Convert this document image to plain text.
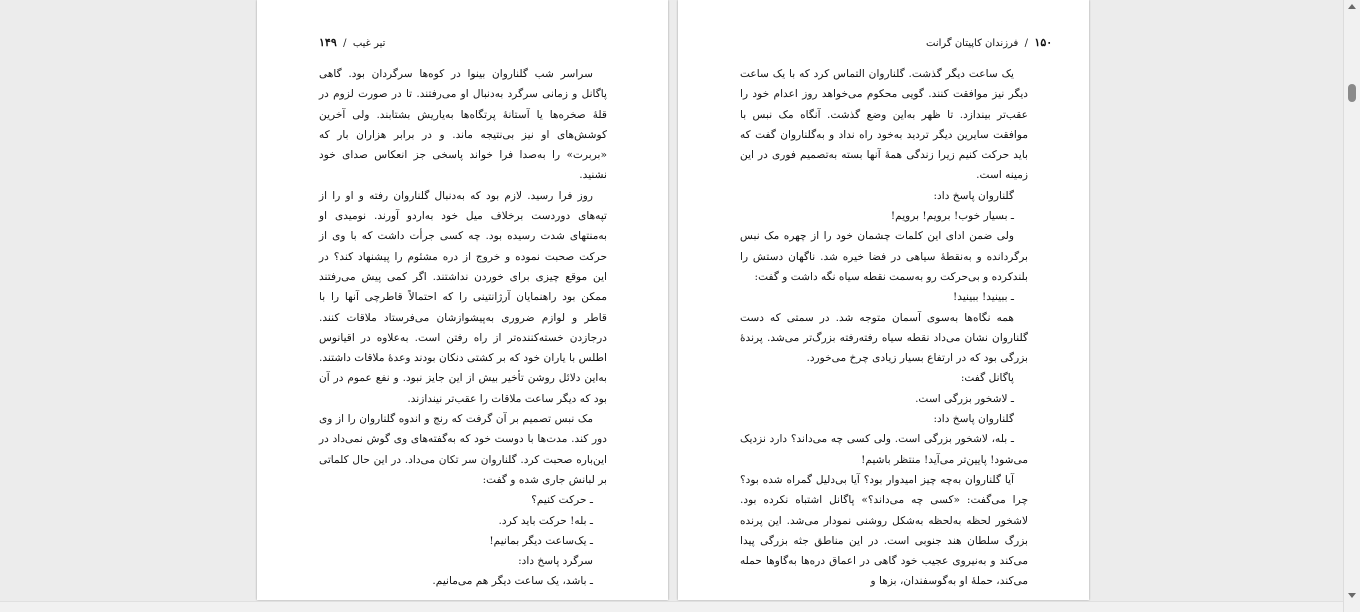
تیر غیب  /  ۱۴۹

سراسر شب گلناروان بینوا در کوه‌ها سرگردان بود. گاهی پاگانل و زمانی سرگرد به‌دنبال او می‌رفتند. تا در صورت لزوم در قلهٔ صخره‌ها یا آستانهٔ پرتگاه‌ها به‌یاریش بشتابند. ولی آخرین کوشش‌های او نیز بی‌نتیجه ماند. و در برابر هزاران بار که «بربرت» را به‌صدا فرا خواند پاسخی جز انعکاس صدای خود نشنید.

روز فرا رسید. لازم بود که به‌دنبال گلناروان رفته و او را از تپه‌های دوردست برخلاف میل خود به‌اردو آورند. نومیدی او به‌منتهای شدت رسیده بود. چه کسی جرأت داشت که با وی از حرکت صحبت نموده و خروج از دره مشئوم را پیشنهاد کند؟ در این موقع چیزی برای خوردن نداشتند. اگر کمی پیش می‌رفتند ممکن بود راهنمایان آرژانتینی را که احتمالاً قاطرچی آنها را با قاطر و لوازم ضروری به‌پیشوازشان می‌فرستاد ملاقات کنند. درجا‌زدن خسته‌کننده‌تر از راه رفتن است. به‌علاوه در اقیانوس اطلس با یاران خود که بر کشتی دنکان بودند وعدهٔ ملاقات داشتند. به‌این دلائل روشن تأخیر بیش از این جایز نبود. و نفع عموم در آن بود که دیگر ساعت ملاقات را عقب‌تر نیندازند.

مک نبس تصمیم بر آن گرفت که رنج و اندوه گلناروان را از وی دور کند. مدت‌ها با دوست خود که به‌گفته‌های وی گوش نمی‌داد در این‌باره صحبت کرد. گلناروان سر تکان می‌داد. در این حال کلماتی بر لبانش جاری شده و گفت:

ـ حرکت کنیم؟

ـ بله! حرکت باید کرد.

ـ یک‌ساعت دیگر بمانیم!

سرگرد پاسخ داد:

ـ باشد، یک ساعت دیگر هم می‌مانیم.

۱۵۰  /  فرزندان کاپیتان گرانت

یک ساعت دیگر گذشت. گلناروان التماس کرد که با یک ساعت دیگر نیز موافقت کنند. گویی محکوم می‌خواهد روز اعدام خود را عقب‌تر بیندازد. تا ظهر به‌این وضع گذشت. آنگاه مک نبس با موافقت سایرین دیگر تردید به‌خود راه نداد و به‌گلناروان گفت که باید حرکت کنیم زیرا زندگی همهٔ آنها بسته به‌تصمیم فوری در این زمینه است.

گلناروان پاسخ داد:

ـ بسیار خوب! برویم! برویم!

ولی ضمن ادای این کلمات چشمان خود را از چهره مک نبس برگردانده و به‌نقطهٔ سیاهی در فضا خیره شد. ناگهان دستش را بلندکرده و بی‌حرکت رو به‌سمت نقطه سیاه نگه داشت و گفت:

ـ ببینید! ببینید!

همه نگاه‌ها به‌سوی آسمان متوجه شد. در سمتی که دست گلناروان نشان می‌داد نقطه سیاه رفته‌رفته بزرگ‌تر می‌شد. پرندهٔ بزرگی بود که در ارتفاع بسیار زیادی چرخ می‌خورد.

پاگانل گفت:

ـ لاشخور بزرگی است.

گلناروان پاسخ داد:

ـ بله، لاشخور بزرگی است. ولی کسی چه می‌داند؟ دارد نزدیک می‌شود! پایین‌تر می‌آید! منتظر باشیم!

آیا گلناروان به‌چه چیز امیدوار بود؟ آیا بی‌دلیل گمراه شده بود؟ چرا می‌گفت: «کسی چه می‌داند؟» پاگانل اشتباه نکرده بود. لاشخور لحظه به‌لحظه به‌شکل روشنی نمودار می‌شد. این پرنده بزرگ سلطان هند جنوبی است. در این مناطق جثه بزرگی پیدا می‌کند و به‌نیروی عجیب خود گاهی در اعماق دره‌ها به‌گاوها حمله می‌کند، حملهٔ او به‌گوسفندان، بزها و
